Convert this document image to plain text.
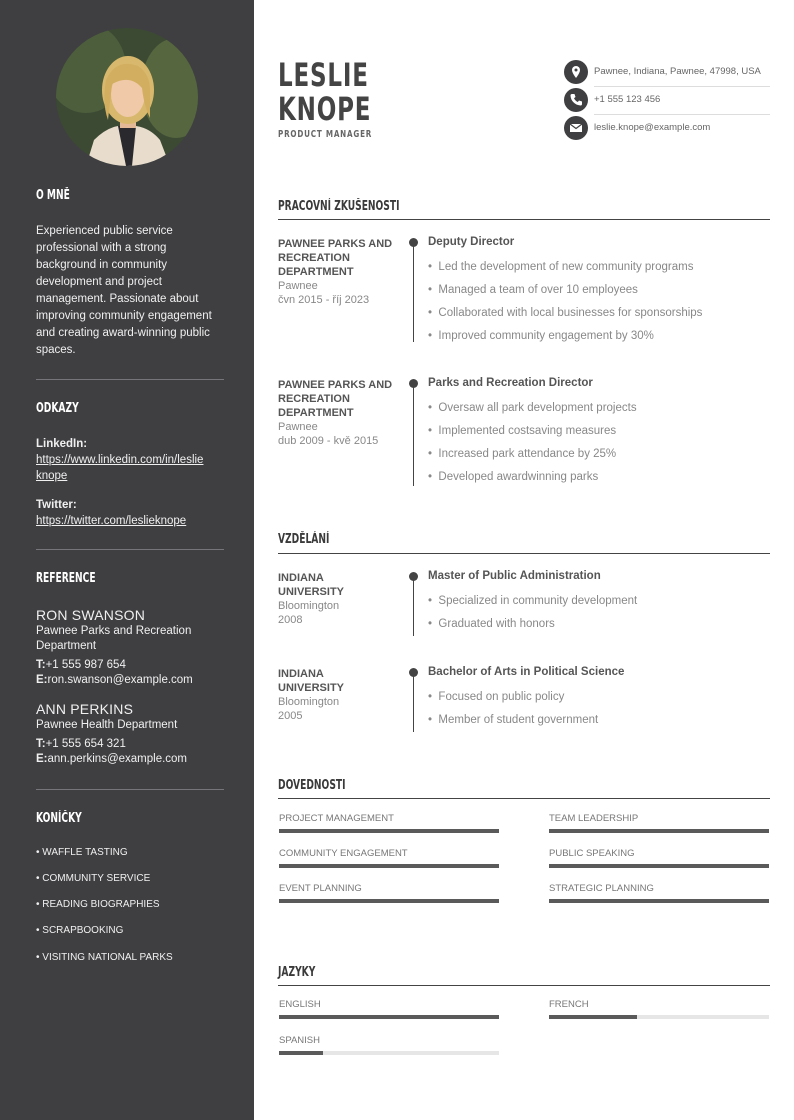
O MNĚ
Experienced public service professional with a strong background in community development and project management. Passionate about improving community engagement and creating award-winning public spaces.
ODKAZY
LinkedIn:
https://www.linkedin.com/in/leslie
knope
Twitter:
https://twitter.com/leslieknope
REFERENCE
RON SWANSON
Pawnee Parks and Recreation
Department
T:+1 555 987 654
E:ron.swanson@example.com
ANN PERKINS
Pawnee Health Department
T:+1 555 654 321
E:ann.perkins@example.com
KONÍČKY
• WAFFLE TASTING
• COMMUNITY SERVICE
• READING BIOGRAPHIES
• SCRAPBOOKING
• VISITING NATIONAL PARKS
LESLIE
KNOPE
PRODUCT MANAGER
Pawnee, Indiana, Pawnee, 47998, USA
+1 555 123 456
leslie.knope@example.com
PRACOVNÍ ZKUŠENOSTI
PAWNEE PARKS AND
RECREATION
DEPARTMENT
Pawnee
čvn 2015 - říj 2023
Deputy Director
•  Led the development of new community programs
•  Managed a team of over 10 employees
•  Collaborated with local businesses for sponsorships
•  Improved community engagement by 30%
PAWNEE PARKS AND
RECREATION
DEPARTMENT
Pawnee
dub 2009 - kvě 2015
Parks and Recreation Director
•  Oversaw all park development projects
•  Implemented costsaving measures
•  Increased park attendance by 25%
•  Developed awardwinning parks
VZDĚLÁNÍ
INDIANA
UNIVERSITY
Bloomington
2008
Master of Public Administration
•  Specialized in community development
•  Graduated with honors
INDIANA
UNIVERSITY
Bloomington
2005
Bachelor of Arts in Political Science
•  Focused on public policy
•  Member of student government
DOVEDNOSTI
PROJECT MANAGEMENT	TEAM LEADERSHIP
COMMUNITY ENGAGEMENT	PUBLIC SPEAKING
EVENT PLANNING	STRATEGIC PLANNING
JAZYKY
ENGLISH	FRENCH
SPANISH
